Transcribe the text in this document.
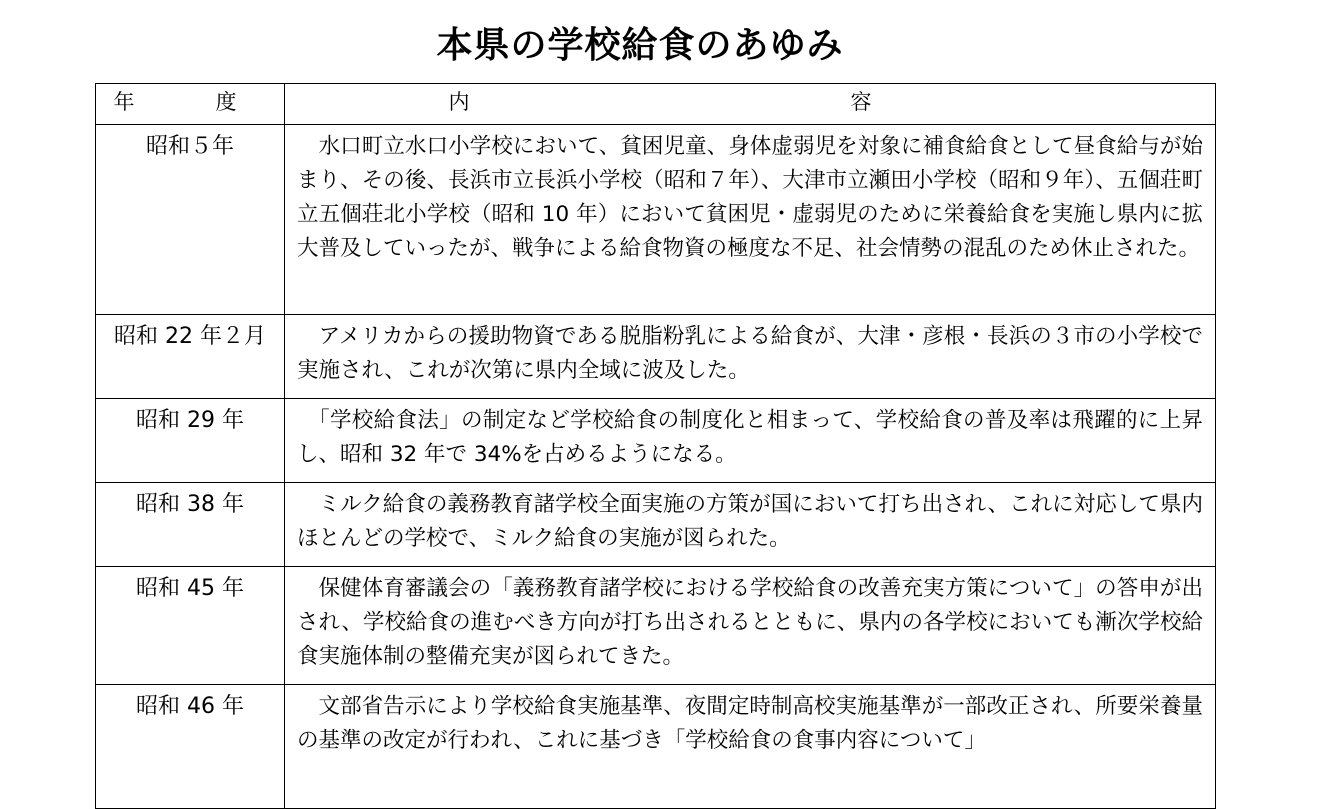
本県の学校給食のあゆみ
年　度	内　容
昭和５年	　水口町立水口小学校において、貧困児童、身体虚弱児を対象に補食給食として昼食給与が始まり、その後、長浜市立長浜小学校（昭和７年）、大津市立瀬田小学校（昭和９年）、五個荘町立五個荘北小学校（昭和 10 年）において貧困児・虚弱児のために栄養給食を実施し県内に拡大普及していったが、戦争による給食物資の極度な不足、社会情勢の混乱のため休止された。
昭和 22 年２月	　アメリカからの援助物資である脱脂粉乳による給食が、大津・彦根・長浜の３市の小学校で実施され、これが次第に県内全域に波及した。
昭和 29 年	　「学校給食法」の制定など学校給食の制度化と相まって、学校給食の普及率は飛躍的に上昇し、昭和 32 年で 34%を占めるようになる。
昭和 38 年	　ミルク給食の義務教育諸学校全面実施の方策が国において打ち出され、これに対応して県内ほとんどの学校で、ミルク給食の実施が図られた。
昭和 45 年	　保健体育審議会の「義務教育諸学校における学校給食の改善充実方策について」の答申が出され、学校給食の進むべき方向が打ち出されるとともに、県内の各学校においても漸次学校給食実施体制の整備充実が図られてきた。
昭和 46 年	　文部省告示により学校給食実施基準、夜間定時制高校実施基準が一部改正され、所要栄養量の基準の改定が行われ、これに基づき「学校給食の食事内容について」
